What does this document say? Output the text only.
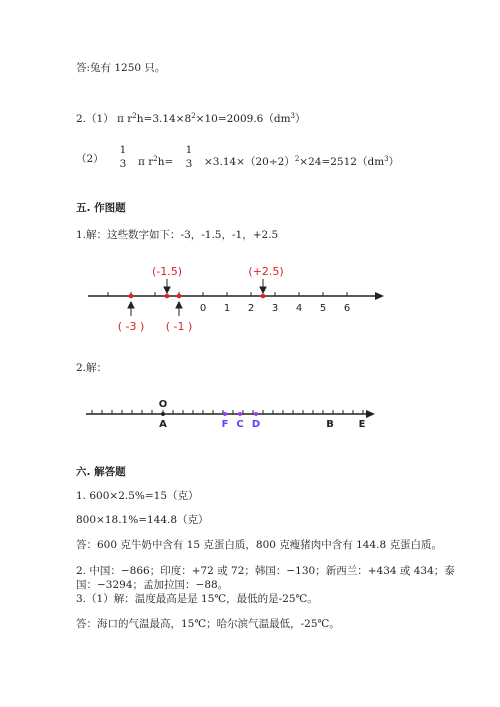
答:兔有 1250 只。
2.（1） π $r^2h=3.14\times 8^2\times 10=2009.6(dm^3)$
（2）
1
3 π $r^2h=$
1
$3 \times 3.14\times(20\div 2)^2\times 24=2512(dm^3)$
五. 作图题
1.解：这些数字如下：-3，-1.5，-1，+2.5
0 1 2 3 4 5 6
(-1.5)	(+2.5)
( -3 ) ( -1 )
O
A	F C D	B E
2.解：
六. 解答题
1. 600×2.5%=15（克）
800×18.1%=144.8（克）
答：600 克牛奶中含有 15 克蛋白质，800 克瘦猪肉中含有 144.8 克蛋白质。
2. 中国：−866；印度：+72 或 72；韩国：−130；新西兰：+434 或 434；泰
国：−3294；孟加拉国：−88。
3.（1）解：温度最高是是 15℃，最低的是-25℃。
答：海口的气温最高，15℃；哈尔滨气温最低，-25℃。
